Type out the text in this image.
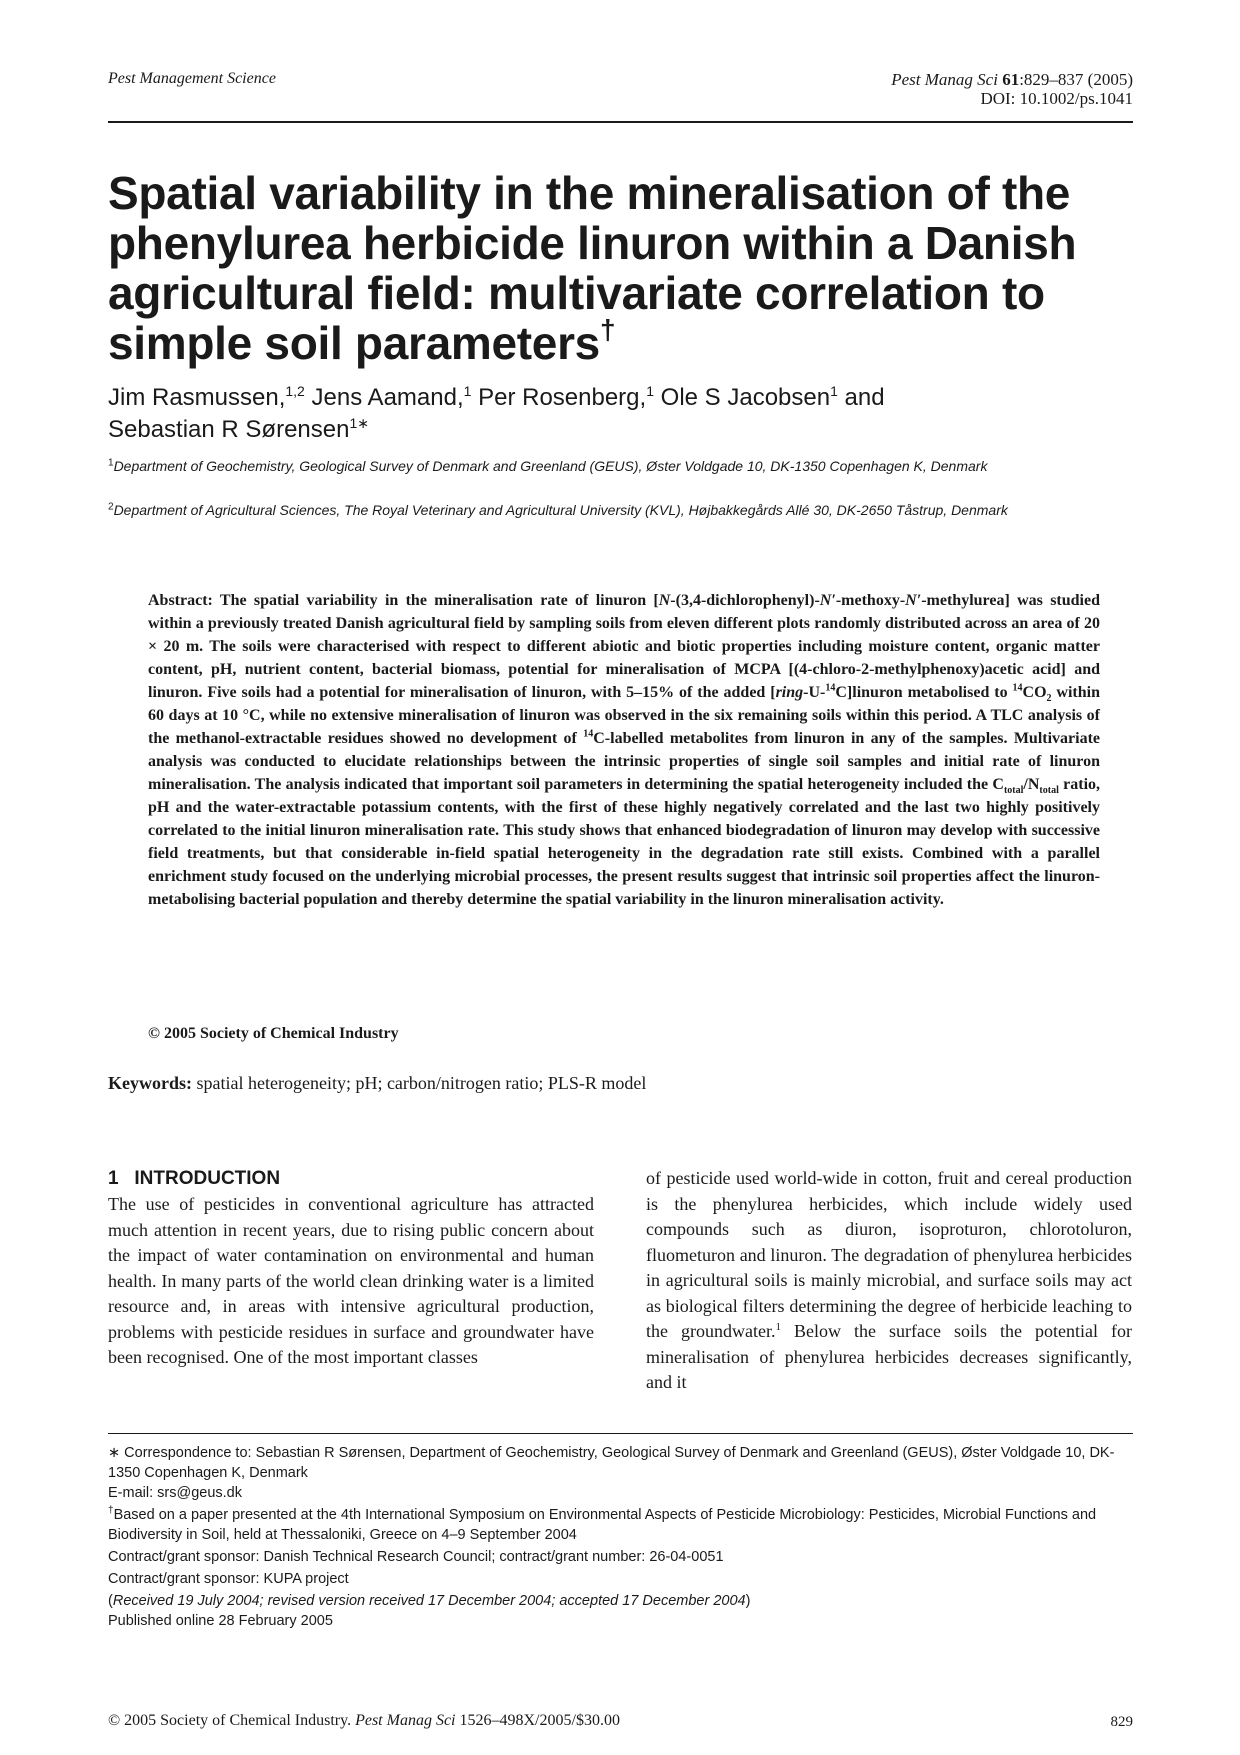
Pest Management Science	Pest Manag Sci 61:829–837 (2005)
DOI: 10.1002/ps.1041
Spatial variability in the mineralisation of the phenylurea herbicide linuron within a Danish agricultural field: multivariate correlation to simple soil parameters†
Jim Rasmussen,$^{1,2}$ Jens Aamand,$^1$ Per Rosenberg,$^1$ Ole S Jacobsen$^1$ and
Sebastian R Sørensen$^{1∗}$
$^1$Department of Geochemistry, Geological Survey of Denmark and Greenland (GEUS), Øster Voldgade 10, DK-1350 Copenhagen K, Denmark
$^2$Department of Agricultural Sciences, The Royal Veterinary and Agricultural University (KVL), Højbakkegårds Allé 30, DK-2650 Tåstrup, Denmark
Abstract: The spatial variability in the mineralisation rate of linuron [N-(3,4-dichlorophenyl)-N′-methoxy-N′-methylurea] was studied within a previously treated Danish agricultural field by sampling soils from eleven different plots randomly distributed across an area of 20 × 20 m. The soils were characterised with respect to different abiotic and biotic properties including moisture content, organic matter content, pH, nutrient content, bacterial biomass, potential for mineralisation of MCPA [(4-chloro-2-methylphenoxy)acetic acid] and linuron. Five soils had a potential for mineralisation of linuron, with 5–15% of the added [ring-U-$^{14}$C]linuron metabolised to $^{14}CO_2$ within 60 days at 10 °C, while no extensive mineralisation of linuron was observed in the six remaining soils within this period. A TLC analysis of the methanol-extractable residues showed no development of $^{14}$C-labelled metabolites from linuron in any of the samples. Multivariate analysis was conducted to elucidate relationships between the intrinsic properties of single soil samples and initial rate of linuron mineralisation. The analysis indicated that important soil parameters in determining the spatial heterogeneity included the $C_{total}/N_{total}$ ratio, pH and the water-extractable potassium contents, with the first of these highly negatively correlated and the last two highly positively correlated to the initial linuron mineralisation rate. This study shows that enhanced biodegradation of linuron may develop with successive field treatments, but that considerable in-field spatial heterogeneity in the degradation rate still exists. Combined with a parallel enrichment study focused on the underlying microbial processes, the present results suggest that intrinsic soil properties affect the linuron-metabolising bacterial population and thereby determine the spatial variability in the linuron mineralisation activity.
© 2005 Society of Chemical Industry
Keywords: spatial heterogeneity; pH; carbon/nitrogen ratio; PLS-R model
1   INTRODUCTION
The use of pesticides in conventional agriculture has attracted much attention in recent years, due to rising public concern about the impact of water contamination on environmental and human health. In many parts of the world clean drinking water is a limited resource and, in areas with intensive agricultural production, problems with pesticide residues in surface and groundwater have been recognised. One of the most important classes
of pesticide used world-wide in cotton, fruit and cereal production is the phenylurea herbicides, which include widely used compounds such as diuron, isoproturon, chlorotoluron, fluometuron and linuron. The degradation of phenylurea herbicides in agricultural soils is mainly microbial, and surface soils may act as biological filters determining the degree of herbicide leaching to the groundwater.$^1$ Below the surface soils the potential for mineralisation of phenylurea herbicides decreases significantly, and it

∗ Correspondence to: Sebastian R Sørensen, Department of Geochemistry, Geological Survey of Denmark and Greenland (GEUS), Øster Voldgade 10, DK-1350 Copenhagen K, Denmark
E-mail: srs@geus.dk

†Based on a paper presented at the 4th International Symposium on Environmental Aspects of Pesticide Microbiology: Pesticides, Microbial Functions and Biodiversity in Soil, held at Thessaloniki, Greece on 4–9 September 2004

Contract/grant sponsor: Danish Technical Research Council; contract/grant number: 26-04-0051

Contract/grant sponsor: KUPA project

(Received 19 July 2004; revised version received 17 December 2004; accepted 17 December 2004)
Published online 28 February 2005

© 2005 Society of Chemical Industry. Pest Manag Sci 1526–498X/2005/$30.00	829
